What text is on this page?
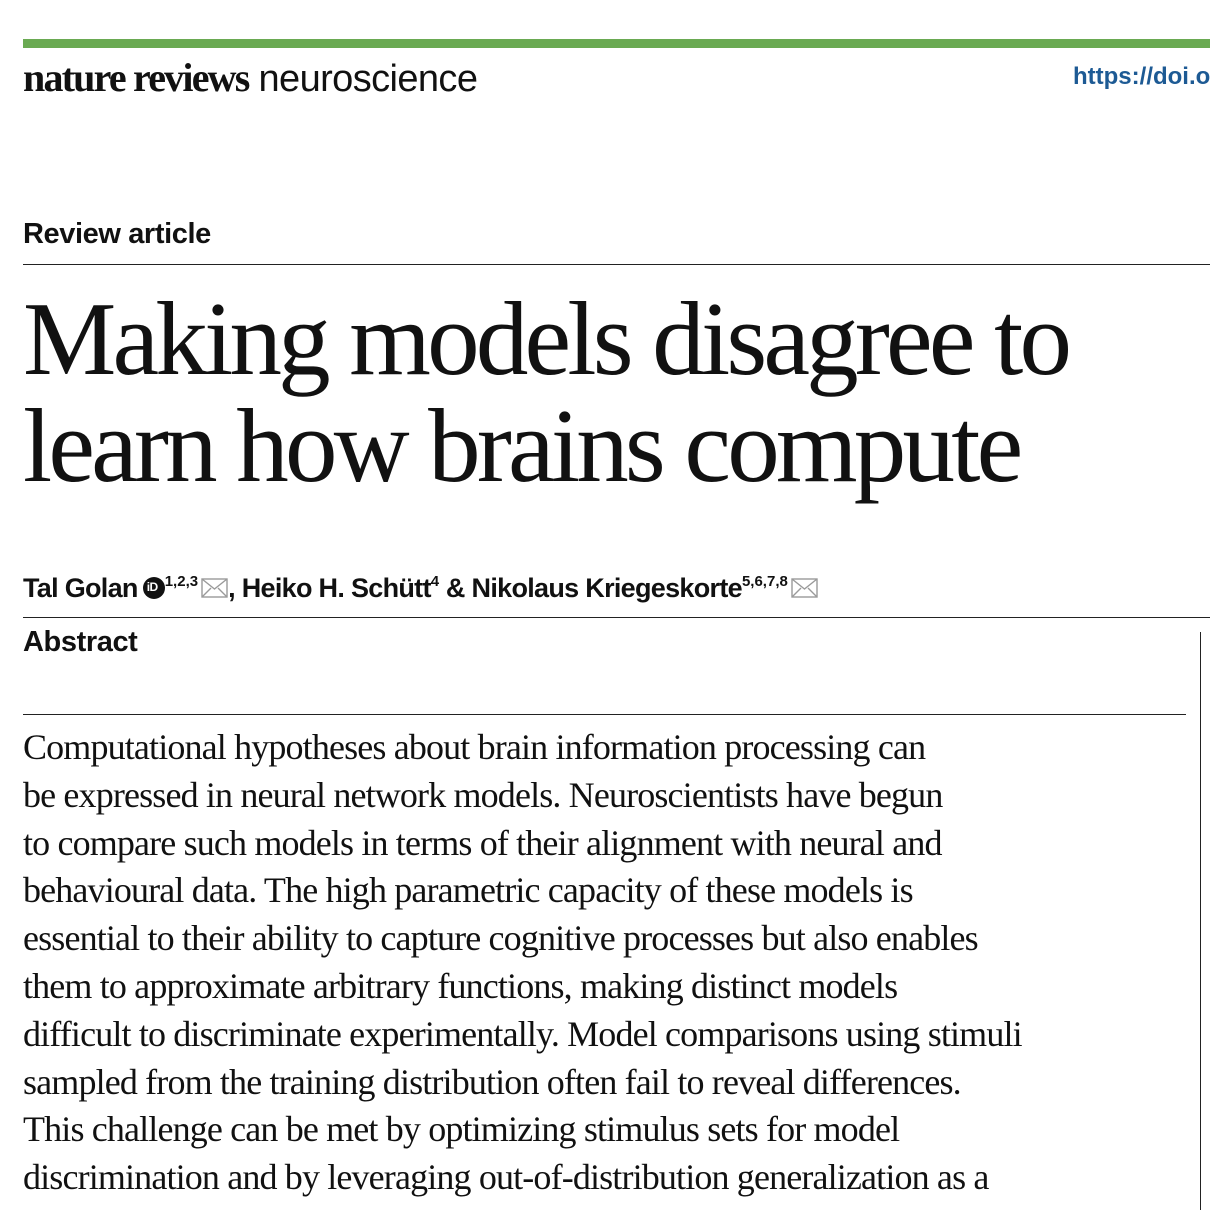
nature reviews neuroscience	https://doi.o
Review article
Making models disagree to
learn how brains compute
Tal GolaniD $^{1,2,3}$ , Heiko H. Schütt$^4$ & Nikolaus Kriegeskorte$^{5,6,7,8}$
Abstract
Computational hypotheses about brain information processing can
be expressed in neural network models. Neuroscientists have begun
to compare such models in terms of their alignment with neural and
behavioural data. The high parametric capacity of these models is
essential to their ability to capture cognitive processes but also enables
them to approximate arbitrary functions, making distinct models
difficult to discriminate experimentally. Model comparisons using stimuli
sampled from the training distribution often fail to reveal differences.
This challenge can be met by optimizing stimulus sets for model
discrimination and by leveraging out-of-distribution generalization as a
